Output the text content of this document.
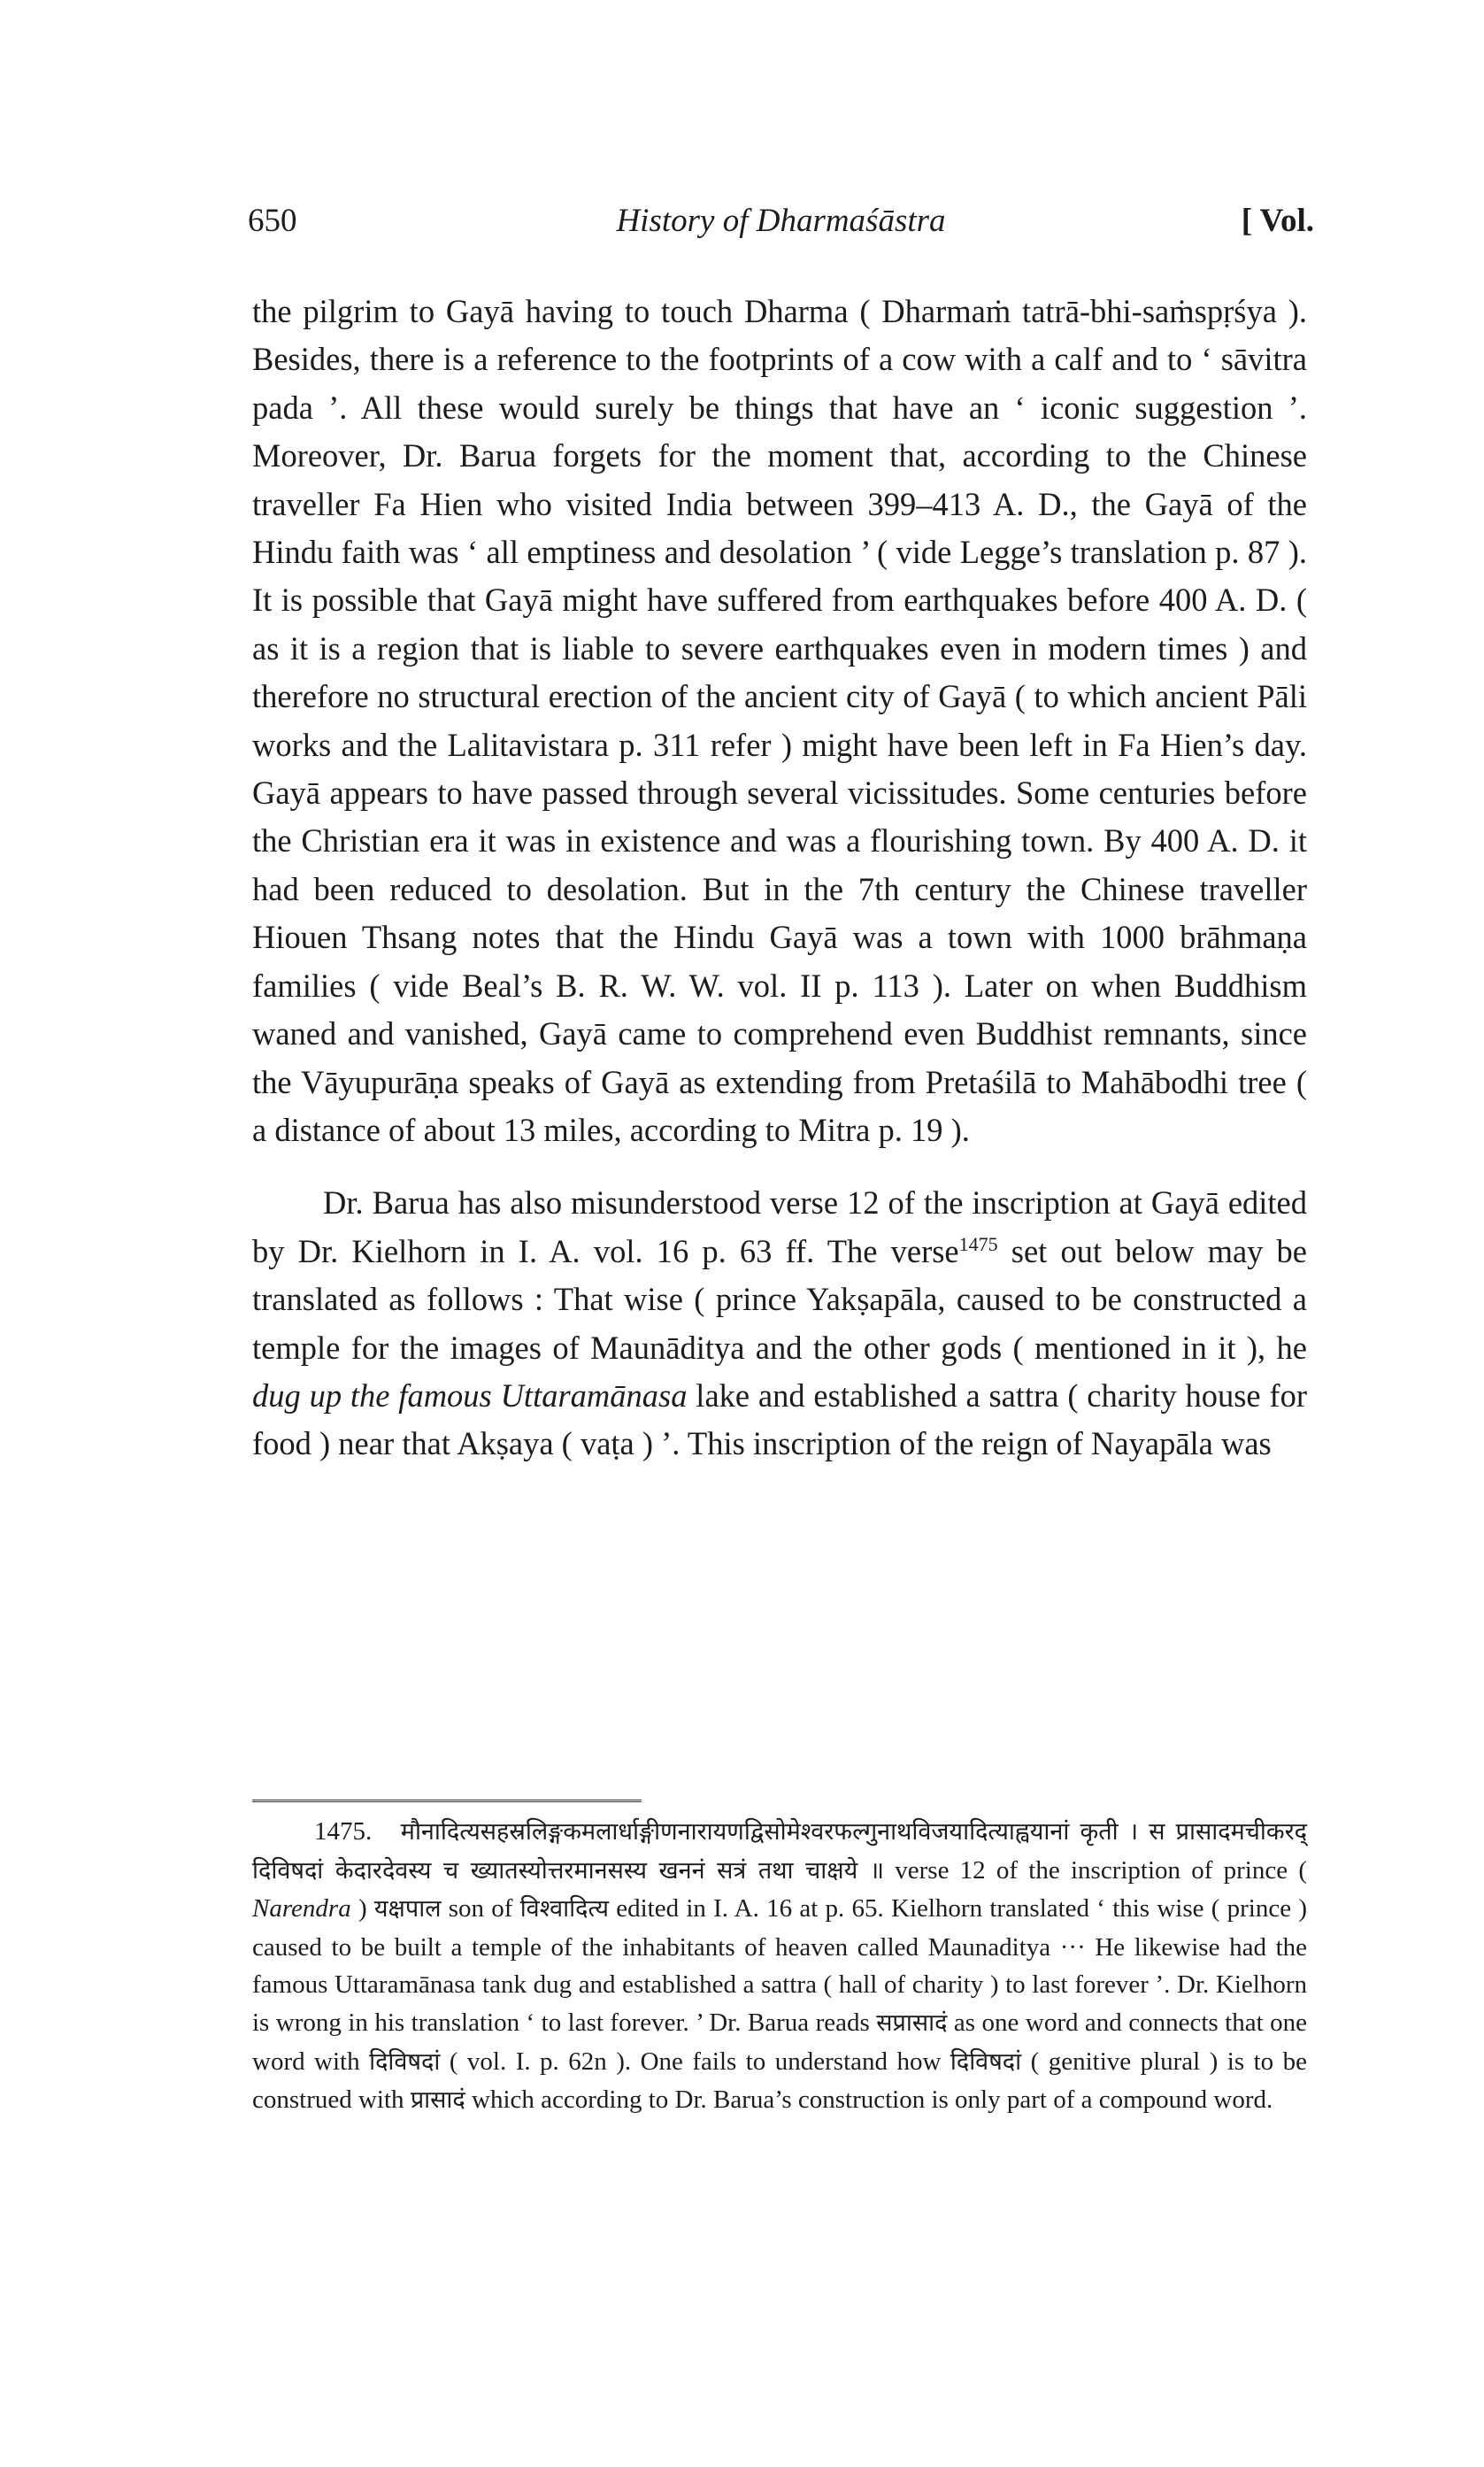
650	History of Dharmaśāstra	[ Vol.

the pilgrim to Gayā having to touch Dharma ( Dharmaṁ tatrā-bhi-saṁspṛśya ). Besides, there is a reference to the footprints of a cow with a calf and to ‘ sāvitra pada ’. All these would surely be things that have an ‘ iconic suggestion ’. Moreover, Dr. Barua forgets for the moment that, according to the Chinese traveller Fa Hien who visited India between 399–413 A. D., the Gayā of the Hindu faith was ‘ all emptiness and desolation ’ ( vide Legge’s translation p. 87 ). It is possible that Gayā might have suffered from earthquakes before 400 A. D. ( as it is a region that is liable to severe earthquakes even in modern times ) and therefore no structural erection of the ancient city of Gayā ( to which ancient Pāli works and the Lalitavistara p. 311 refer ) might have been left in Fa Hien’s day. Gayā appears to have passed through several vicissitudes. Some centuries before the Christian era it was in existence and was a flourishing town. By 400 A. D. it had been reduced to desolation. But in the 7th century the Chinese traveller Hiouen Thsang notes that the Hindu Gayā was a town with 1000 brāhmaṇa families ( vide Beal’s B. R. W. W. vol. II p. 113 ). Later on when Buddhism waned and vanished, Gayā came to comprehend even Buddhist remnants, since the Vāyupurāṇa speaks of Gayā as extending from Pretaśilā to Mahābodhi tree ( a distance of about 13 miles, according to Mitra p. 19 ).

Dr. Barua has also misunderstood verse 12 of the inscription at Gayā edited by Dr. Kielhorn in I. A. vol. 16 p. 63 ff. The verse$^{1475}$ set out below may be translated as follows : That wise ( prince Yakṣapāla, caused to be constructed a temple for the images of Maunāditya and the other gods ( mentioned in it ), he dug up the famous Uttaramānasa lake and established a sattra ( charity house for food ) near that Akṣaya ( vaṭa ) ’. This inscription of the reign of Nayapāla was

1475. मौनादित्यसहस्रलिङ्गकमलार्धाङ्गीणनारायणद्विसोमेश्वरफल्गुनाथविजयादित्याह्वयानां कृती । स प्रासादमचीकरद् दिविषदां केदारदेवस्य च ख्यातस्योत्तरमानसस्य खननं सत्रं तथा चाक्षये ॥ verse 12 of the inscription of prince ( Narendra ) यक्षपाल son of विश्वादित्य edited in I. A. 16 at p. 65. Kielhorn translated ‘ this wise ( prince ) caused to be built a temple of the inhabitants of heaven called Maunaditya ··· He likewise had the famous Uttaramānasa tank dug and established a sattra ( hall of charity ) to last forever ’. Dr. Kielhorn is wrong in his translation ‘ to last forever. ’ Dr. Barua reads सप्रासादं as one word and connects that one word with दिविषदां ( vol. I. p. 62n ). One fails to understand how दिविषदां ( genitive plural ) is to be construed with प्रासादं which according to Dr. Barua’s construction is only part of a compound word.
